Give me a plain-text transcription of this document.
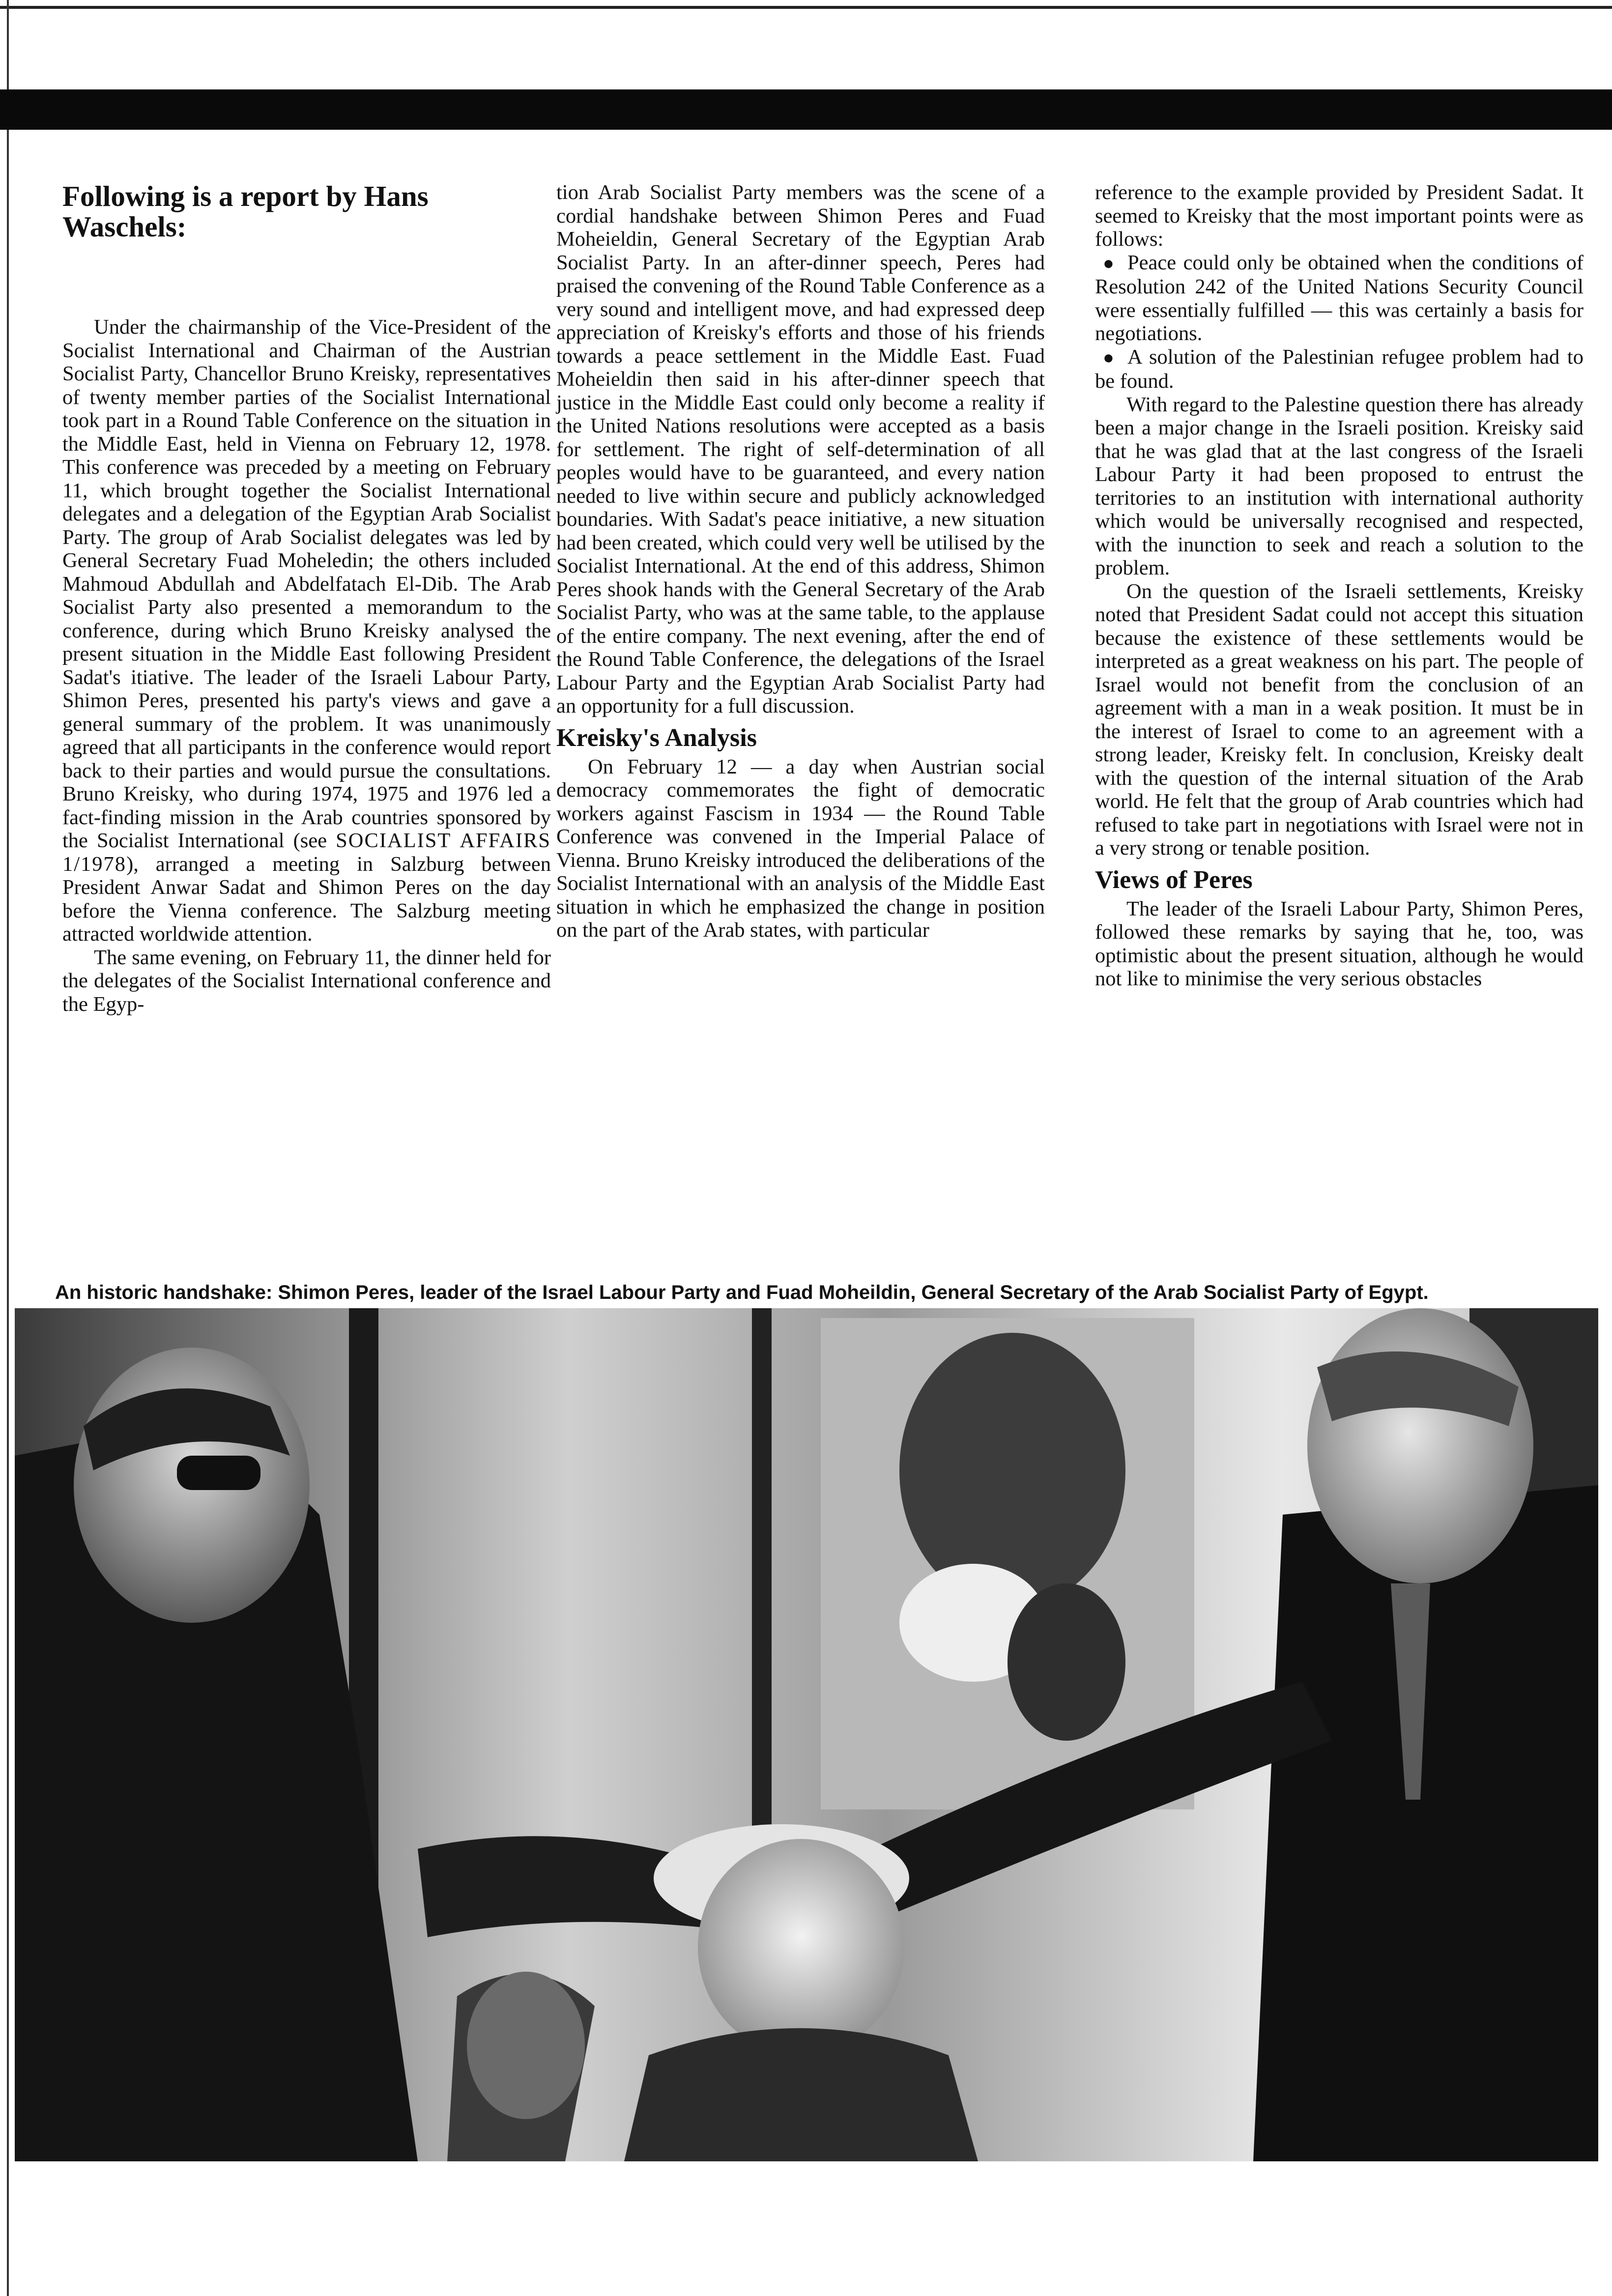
Following is a report by Hans Waschels:

Under the chairmanship of the Vice-President of the Socialist International and Chairman of the Austrian Socialist Party, Chancellor Bruno Kreisky, representatives of twenty member parties of the Socialist International took part in a Round Table Conference on the situation in the Middle East, held in Vienna on February 12, 1978. This conference was preceded by a meeting on February 11, which brought together the Socialist International delegates and a delegation of the Egyptian Arab Socialist Party. The group of Arab Socialist delegates was led by General Secretary Fuad Moheledin; the others included Mahmoud Abdullah and Abdelfatach El-Dib. The Arab Socialist Party also presented a memorandum to the conference, during which Bruno Kreisky analysed the present situation in the Middle East following President Sadat's itiative. The leader of the Israeli Labour Party, Shimon Peres, presented his party's views and gave a general summary of the problem. It was unanimously agreed that all participants in the conference would report back to their parties and would pursue the consultations. Bruno Kreisky, who during 1974, 1975 and 1976 led a fact-finding mission in the Arab countries sponsored by the Socialist International (see SOCIALIST AFFAIRS 1/1978), arranged a meeting in Salzburg between President Anwar Sadat and Shimon Peres on the day before the Vienna conference. The Salzburg meeting attracted worldwide attention.

The same evening, on February 11, the dinner held for the delegates of the Socialist International conference and the Egyp-

tion Arab Socialist Party members was the scene of a cordial handshake between Shimon Peres and Fuad Moheieldin, General Secretary of the Egyptian Arab Socialist Party. In an after-dinner speech, Peres had praised the convening of the Round Table Conference as a very sound and intelligent move, and had expressed deep appreciation of Kreisky's efforts and those of his friends towards a peace settlement in the Middle East. Fuad Moheieldin then said in his after-dinner speech that justice in the Middle East could only become a reality if the United Nations resolutions were accepted as a basis for settlement. The right of self-determination of all peoples would have to be guaranteed, and every nation needed to live within secure and publicly acknowledged boundaries. With Sadat's peace initiative, a new situation had been created, which could very well be utilised by the Socialist International. At the end of this address, Shimon Peres shook hands with the General Secretary of the Arab Socialist Party, who was at the same table, to the applause of the entire company. The next evening, after the end of the Round Table Conference, the delegations of the Israel Labour Party and the Egyptian Arab Socialist Party had an opportunity for a full discussion.

Kreisky's Analysis

On February 12 — a day when Austrian social democracy commemorates the fight of democratic workers against Fascism in 1934 — the Round Table Conference was convened in the Imperial Palace of Vienna. Bruno Kreisky introduced the deliberations of the Socialist International with an analysis of the Middle East situation in which he emphasized the change in position on the part of the Arab states, with particular

reference to the example provided by President Sadat. It seemed to Kreisky that the most important points were as follows:

● Peace could only be obtained when the conditions of Resolution 242 of the United Nations Security Council were essentially fulfilled — this was certainly a basis for negotiations.

● A solution of the Palestinian refugee problem had to be found.

With regard to the Palestine question there has already been a major change in the Israeli position. Kreisky said that he was glad that at the last congress of the Israeli Labour Party it had been proposed to entrust the territories to an institution with international authority which would be universally recognised and respected, with the inunction to seek and reach a solution to the problem.

On the question of the Israeli settlements, Kreisky noted that President Sadat could not accept this situation because the existence of these settlements would be interpreted as a great weakness on his part. The people of Israel would not benefit from the conclusion of an agreement with a man in a weak position. It must be in the interest of Israel to come to an agreement with a strong leader, Kreisky felt. In conclusion, Kreisky dealt with the question of the internal situation of the Arab world. He felt that the group of Arab countries which had refused to take part in negotiations with Israel were not in a very strong or tenable position.

Views of Peres

The leader of the Israeli Labour Party, Shimon Peres, followed these remarks by saying that he, too, was optimistic about the present situation, although he would not like to minimise the very serious obstacles

An historic handshake: Shimon Peres, leader of the Israel Labour Party and Fuad Moheildin, General Secretary of the Arab Socialist Party of Egypt.
